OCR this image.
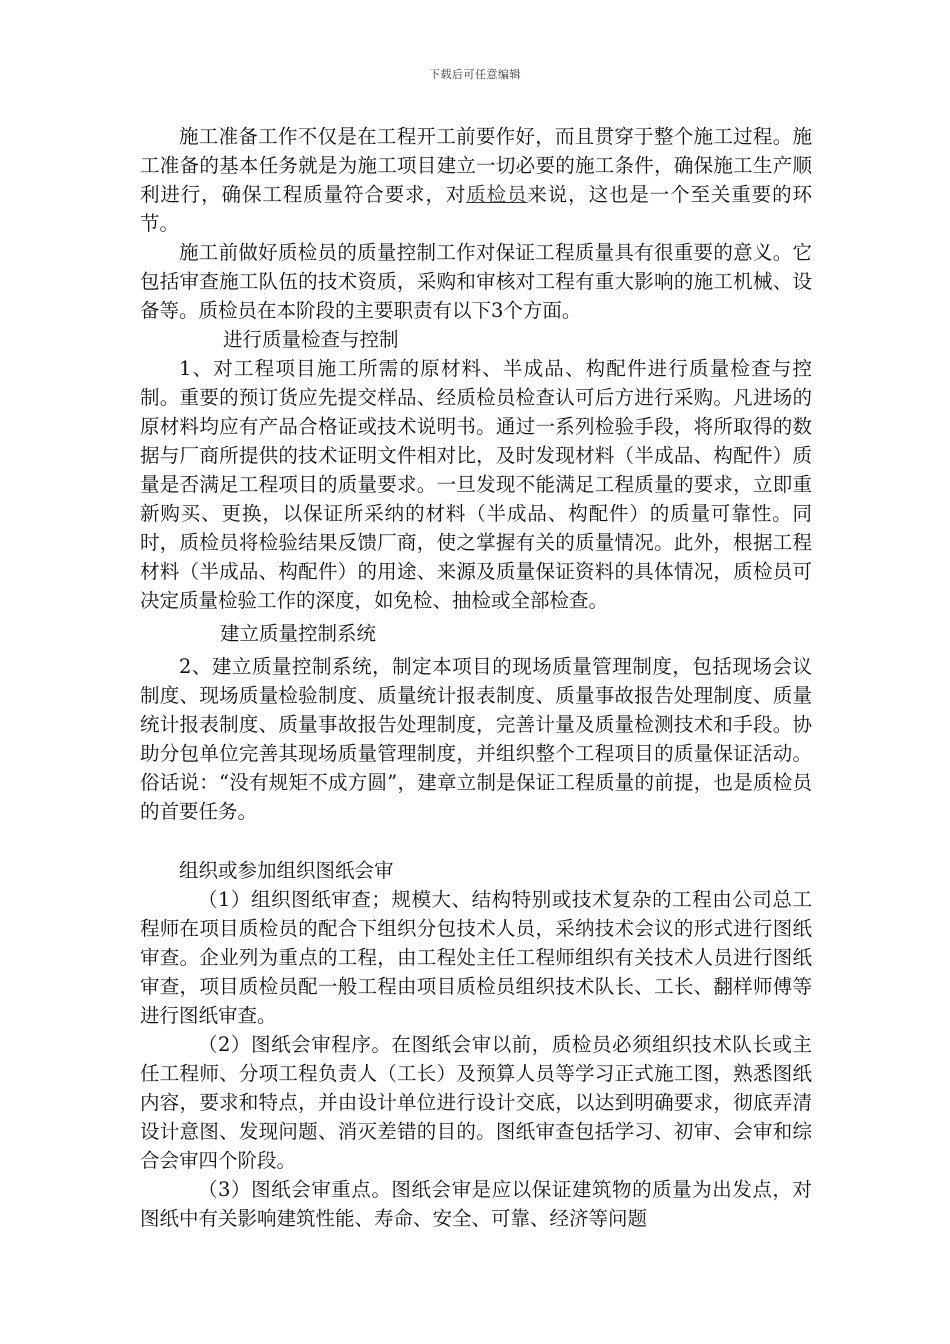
下载后可任意编辑

施工准备工作不仅是在工程开工前要作好，而且贯穿于整个施工过程。施工准备的基本任务就是为施工项目建立一切必要的施工条件，确保施工生产顺利进行，确保工程质量符合要求，对质检员来说，这也是一个至关重要的环节。

施工前做好质检员的质量控制工作对保证工程质量具有很重要的意义。它包括审查施工队伍的技术资质，采购和审核对工程有重大影响的施工机械、设备等。质检员在本阶段的主要职责有以下3个方面。

进行质量检查与控制

1、对工程项目施工所需的原材料、半成品、构配件进行质量检查与控制。重要的预订货应先提交样品、经质检员检查认可后方进行采购。凡进场的原材料均应有产品合格证或技术说明书。通过一系列检验手段，将所取得的数据与厂商所提供的技术证明文件相对比，及时发现材料（半成品、构配件）质量是否满足工程项目的质量要求。一旦发现不能满足工程质量的要求，立即重新购买、更换，以保证所采纳的材料（半成品、构配件）的质量可靠性。同时，质检员将检验结果反馈厂商，使之掌握有关的质量情况。此外，根据工程材料（半成品、构配件）的用途、来源及质量保证资料的具体情况，质检员可决定质量检验工作的深度，如免检、抽检或全部检查。

建立质量控制系统

2、建立质量控制系统，制定本项目的现场质量管理制度，包括现场会议制度、现场质量检验制度、质量统计报表制度、质量事故报告处理制度、质量统计报表制度、质量事故报告处理制度，完善计量及质量检测技术和手段。协助分包单位完善其现场质量管理制度，并组织整个工程项目的质量保证活动。俗话说：“没有规矩不成方圆”，建章立制是保证工程质量的前提，也是质检员的首要任务。

组织或参加组织图纸会审

（1）组织图纸审查；规模大、结构特别或技术复杂的工程由公司总工程师在项目质检员的配合下组织分包技术人员，采纳技术会议的形式进行图纸审查。企业列为重点的工程，由工程处主任工程师组织有关技术人员进行图纸审查，项目质检员配一般工程由项目质检员组织技术队长、工长、翻样师傅等进行图纸审查。

（2）图纸会审程序。在图纸会审以前，质检员必须组织技术队长或主任工程师、分项工程负责人（工长）及预算人员等学习正式施工图，熟悉图纸内容，要求和特点，并由设计单位进行设计交底，以达到明确要求，彻底弄清设计意图、发现问题、消灭差错的目的。图纸审查包括学习、初审、会审和综合会审四个阶段。

（3）图纸会审重点。图纸会审是应以保证建筑物的质量为出发点，对图纸中有关影响建筑性能、寿命、安全、可靠、经济等问题
